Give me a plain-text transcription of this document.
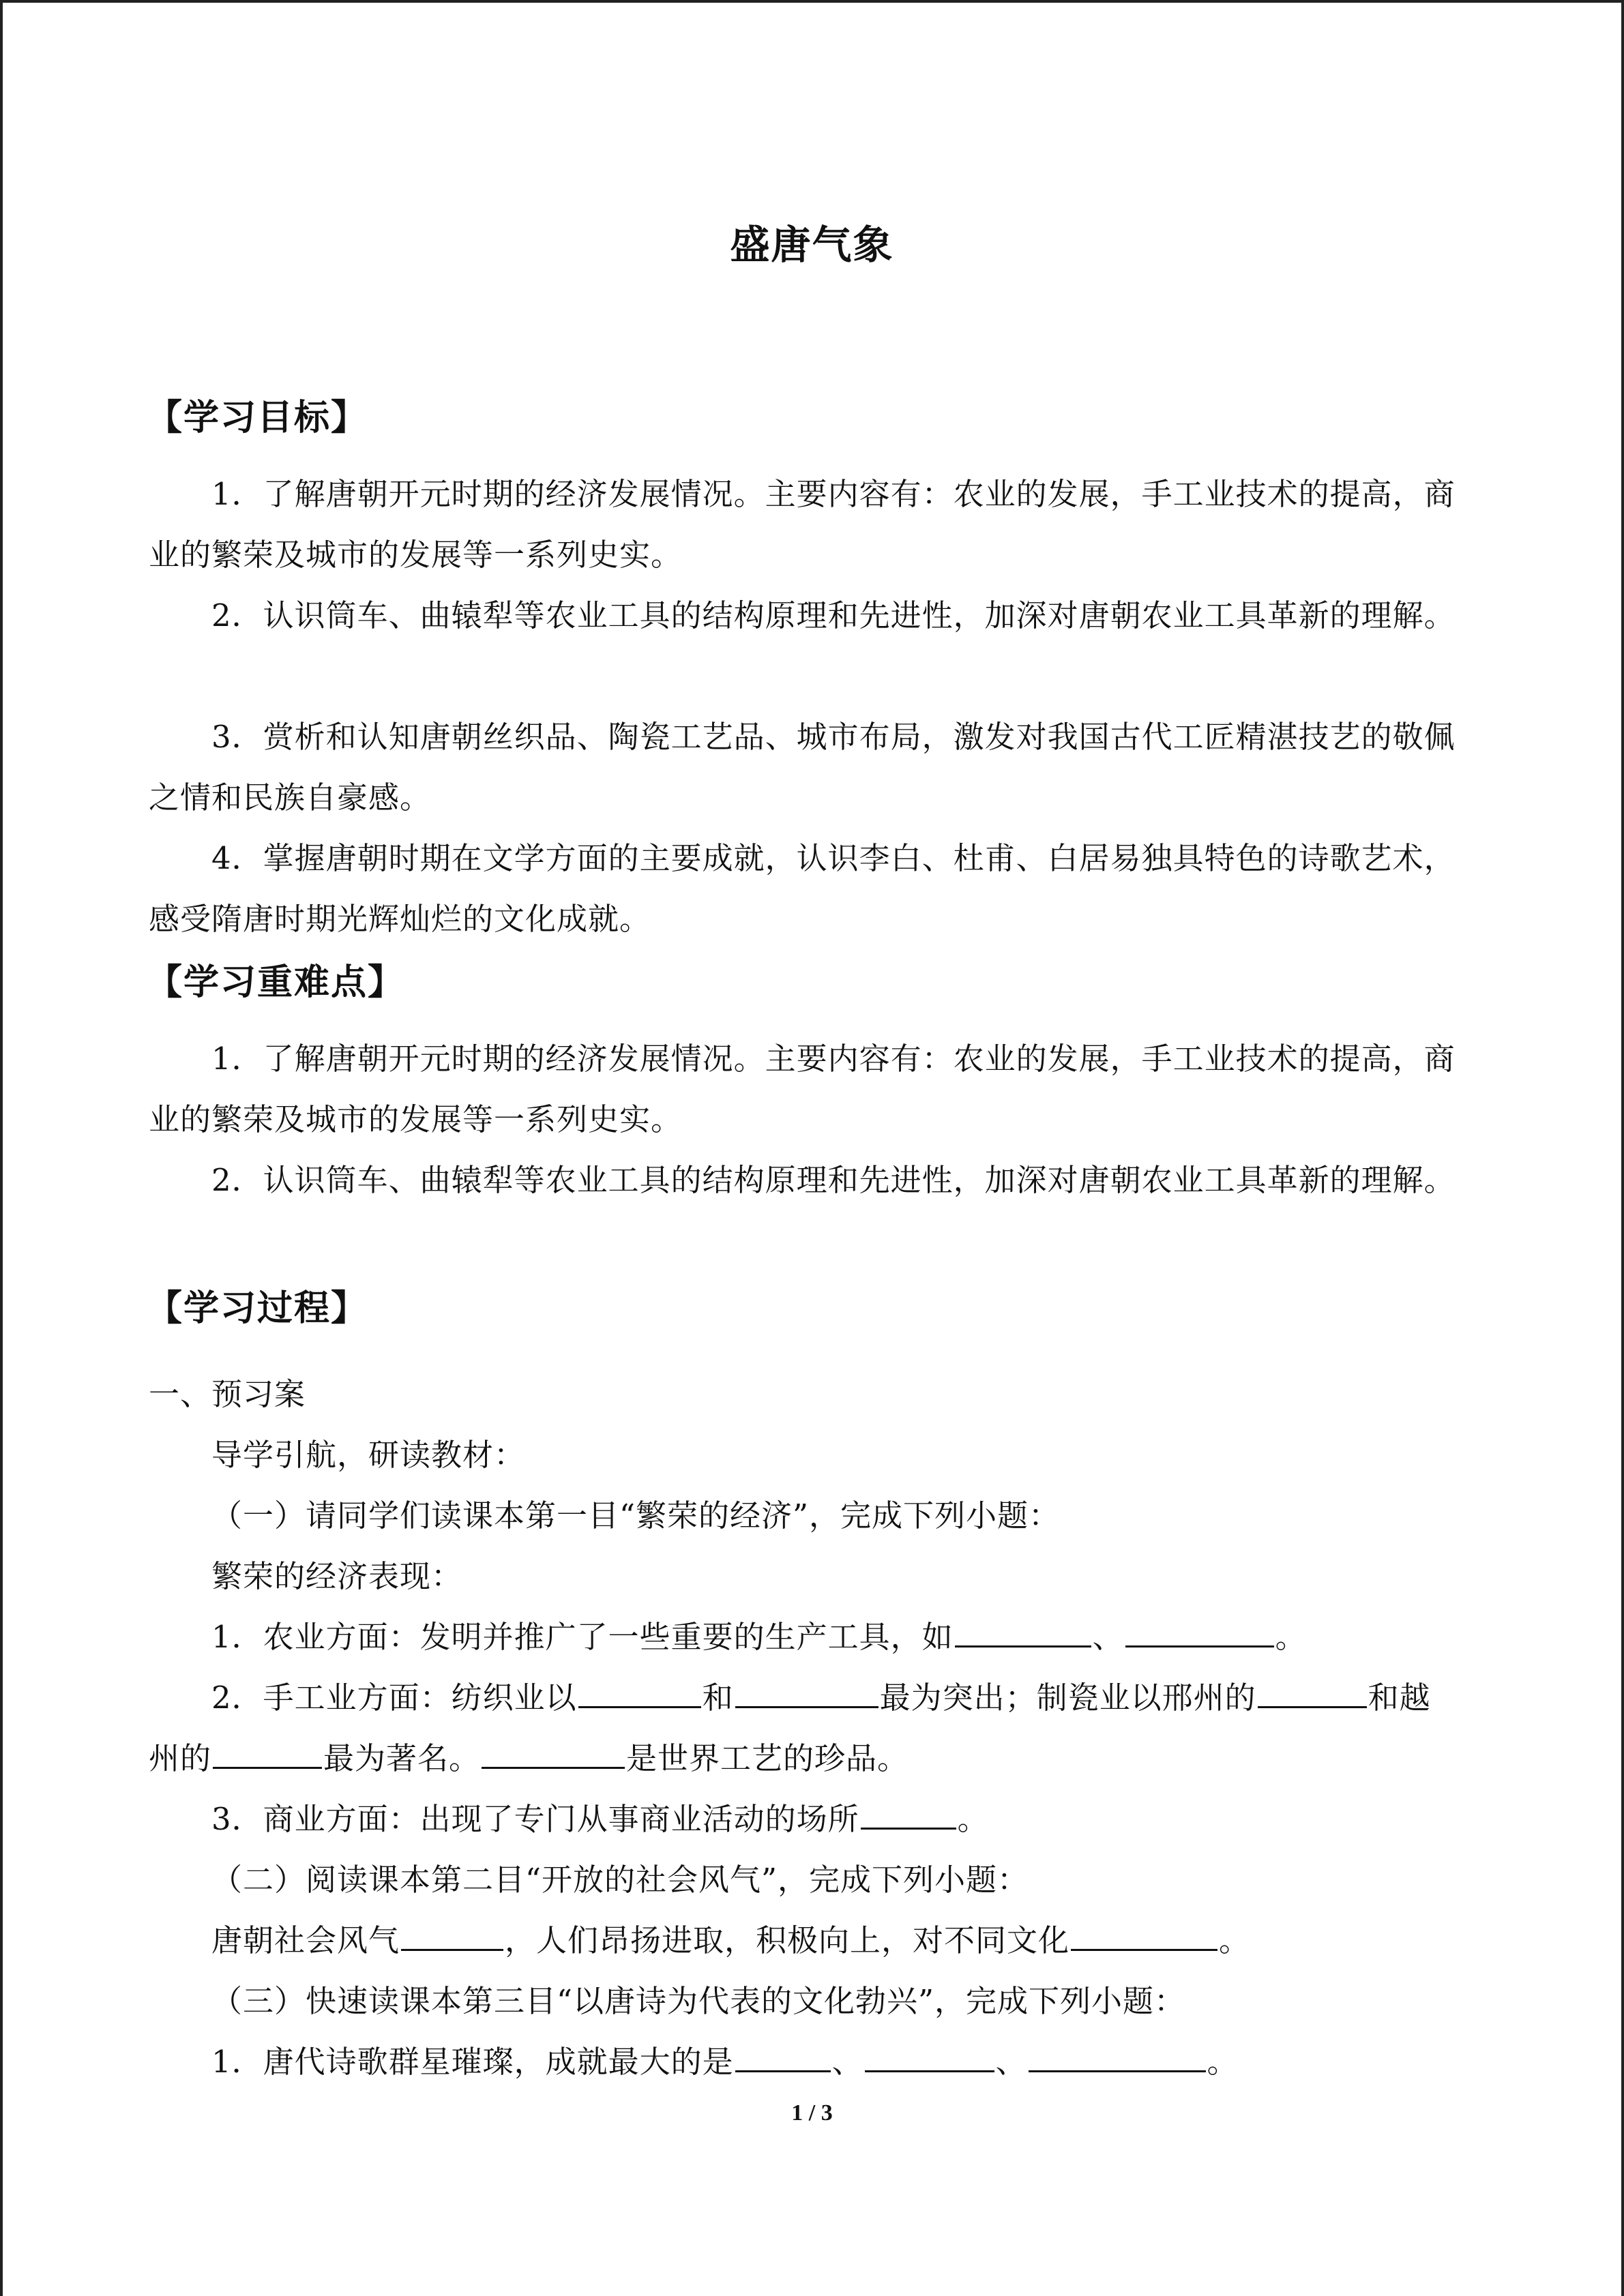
盛唐气象
【学习目标】
1．了解唐朝开元时期的经济发展情况。主要内容有：农业的发展，手工业技术的提高，商业的繁荣及城市的发展等一系列史实。
2．认识筒车、曲辕犁等农业工具的结构原理和先进性，加深对唐朝农业工具革新的理解。
3．赏析和认知唐朝丝织品、陶瓷工艺品、城市布局，激发对我国古代工匠精湛技艺的敬佩之情和民族自豪感。
4．掌握唐朝时期在文学方面的主要成就，认识李白、杜甫、白居易独具特色的诗歌艺术，感受隋唐时期光辉灿烂的文化成就。
【学习重难点】
1．了解唐朝开元时期的经济发展情况。主要内容有：农业的发展，手工业技术的提高，商业的繁荣及城市的发展等一系列史实。
2．认识筒车、曲辕犁等农业工具的结构原理和先进性，加深对唐朝农业工具革新的理解。
【学习过程】
一、预习案
导学引航，研读教材：
（一）请同学们读课本第一目“繁荣的经济”，完成下列小题：
繁荣的经济表现：
1．农业方面：发明并推广了一些重要的生产工具，如	、	。
2．手工业方面：纺织业以	和	最为突出；制瓷业以邢州的	和越
州的	最为著名。	是世界工艺的珍品。
3．商业方面：出现了专门从事商业活动的场所	。
（二）阅读课本第二目“开放的社会风气”，完成下列小题：
唐朝社会风气	，人们昂扬进取，积极向上，对不同文化	。
（三）快速读课本第三目“以唐诗为代表的文化勃兴”，完成下列小题：
1．唐代诗歌群星璀璨，成就最大的是	、	、	。
1 / 3
